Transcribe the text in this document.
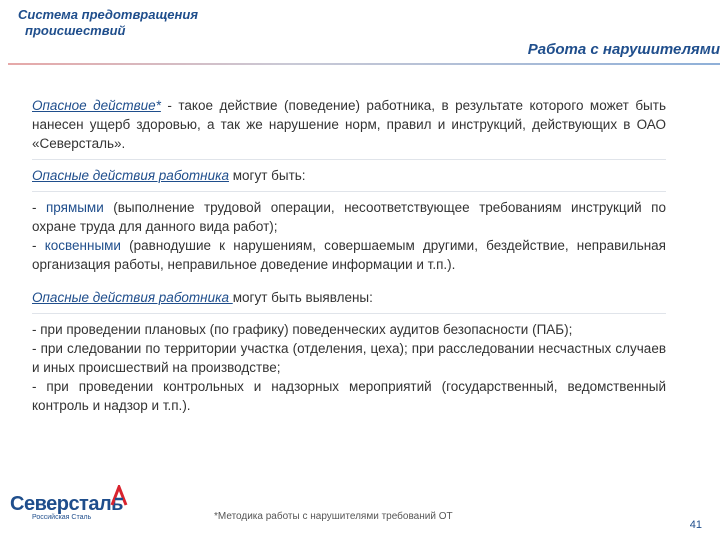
Система предотвращения
происшествий
Работа с нарушителями

Опасное действие* - такое действие (поведение) работника, в результате которого может быть нанесен ущерб здоровью, а так же нарушение норм, правил и инструкций, действующих в ОАО «Северсталь».

Опасные действия работника могут быть:

- прямыми (выполнение трудовой операции, несоответствующее требованиям инструкций по охране труда для данного вида работ);

- косвенными (равнодушие к нарушениям, совершаемым другими, бездействие, неправильная организация работы, неправильное доведение информации и т.п.).

Опасные действия работника могут быть выявлены:

- при проведении плановых (по графику) поведенческих аудитов безопасности (ПАБ);

- при следовании по территории участка (отделения, цеха); при расследовании несчастных случаев и иных происшествий на производстве;

- при проведении контрольных и надзорных мероприятий (государственный, ведомственный контроль и надзор и т.п.).

Северсталь
Российская Сталь	*Методика работы с нарушителями требований ОТ
41
